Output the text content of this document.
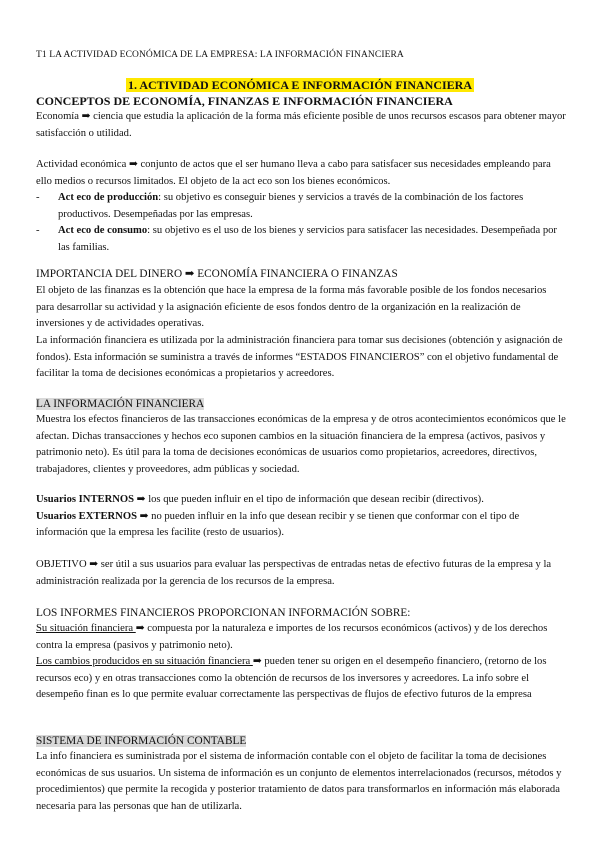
T1 LA ACTIVIDAD ECONÓMICA DE LA EMPRESA: LA INFORMACIÓN FINANCIERA
1. ACTIVIDAD ECONÓMICA E INFORMACIÓN FINANCIERA
CONCEPTOS DE ECONOMÍA, FINANZAS E INFORMACIÓN FINANCIERA
Economía ➡ ciencia que estudia la aplicación de la forma más eficiente posible de unos recursos escasos para obtener mayor satisfacción o utilidad.
Actividad económica ➡ conjunto de actos que el ser humano lleva a cabo para satisfacer sus necesidades empleando para ello medios o recursos limitados. El objeto de la act eco son los bienes económicos.
-	Act eco de producción: su objetivo es conseguir bienes y servicios a través de la combinación de los factores productivos. Desempeñadas por las empresas.
-	Act eco de consumo: su objetivo es el uso de los bienes y servicios para satisfacer las necesidades. Desempeñada por las familias.
IMPORTANCIA DEL DINERO ➡ ECONOMÍA FINANCIERA O FINANZAS
El objeto de las finanzas es la obtención que hace la empresa de la forma más favorable posible de los fondos necesarios para desarrollar su actividad y la asignación eficiente de esos fondos dentro de la organización en la realización de inversiones y de actividades operativas.
La información financiera es utilizada por la administración financiera para tomar sus decisiones (obtención y asignación de fondos). Esta información se suministra a través de informes “ESTADOS FINANCIEROS” con el objetivo fundamental de facilitar la toma de decisiones económicas a propietarios y acreedores.
LA INFORMACIÓN FINANCIERA
Muestra los efectos financieros de las transacciones económicas de la empresa y de otros acontecimientos económicos que le afectan. Dichas transacciones y hechos eco suponen cambios en la situación financiera de la empresa (activos, pasivos y patrimonio neto). Es útil para la toma de decisiones económicas de usuarios como propietarios, acreedores, directivos, trabajadores, clientes y proveedores, adm públicas y sociedad.
Usuarios INTERNOS ➡ los que pueden influir en el tipo de información que desean recibir (directivos).
Usuarios EXTERNOS ➡ no pueden influir en la info que desean recibir y se tienen que conformar con el tipo de información que la empresa les facilite (resto de usuarios).
OBJETIVO ➡ ser útil a sus usuarios para evaluar las perspectivas de entradas netas de efectivo futuras de la empresa y la administración realizada por la gerencia de los recursos de la empresa.
LOS INFORMES FINANCIEROS PROPORCIONAN INFORMACIÓN SOBRE:
Su situación financiera ➡ compuesta por la naturaleza e importes de los recursos económicos (activos) y de los derechos contra la empresa (pasivos y patrimonio neto).
Los cambios producidos en su situación financiera ➡ pueden tener su origen en el desempeño financiero, (retorno de los recursos eco) y en otras transacciones como la obtención de recursos de los inversores y acreedores. La info sobre el desempeño finan es lo que permite evaluar correctamente las perspectivas de flujos de efectivo futuros de la empresa
SISTEMA DE INFORMACIÓN CONTABLE
La info financiera es suministrada por el sistema de información contable con el objeto de facilitar la toma de decisiones económicas de sus usuarios. Un sistema de información es un conjunto de elementos interrelacionados (recursos, métodos y procedimientos) que permite la recogida y posterior tratamiento de datos para transformarlos en información más elaborada necesaria para las personas que han de utilizarla.
